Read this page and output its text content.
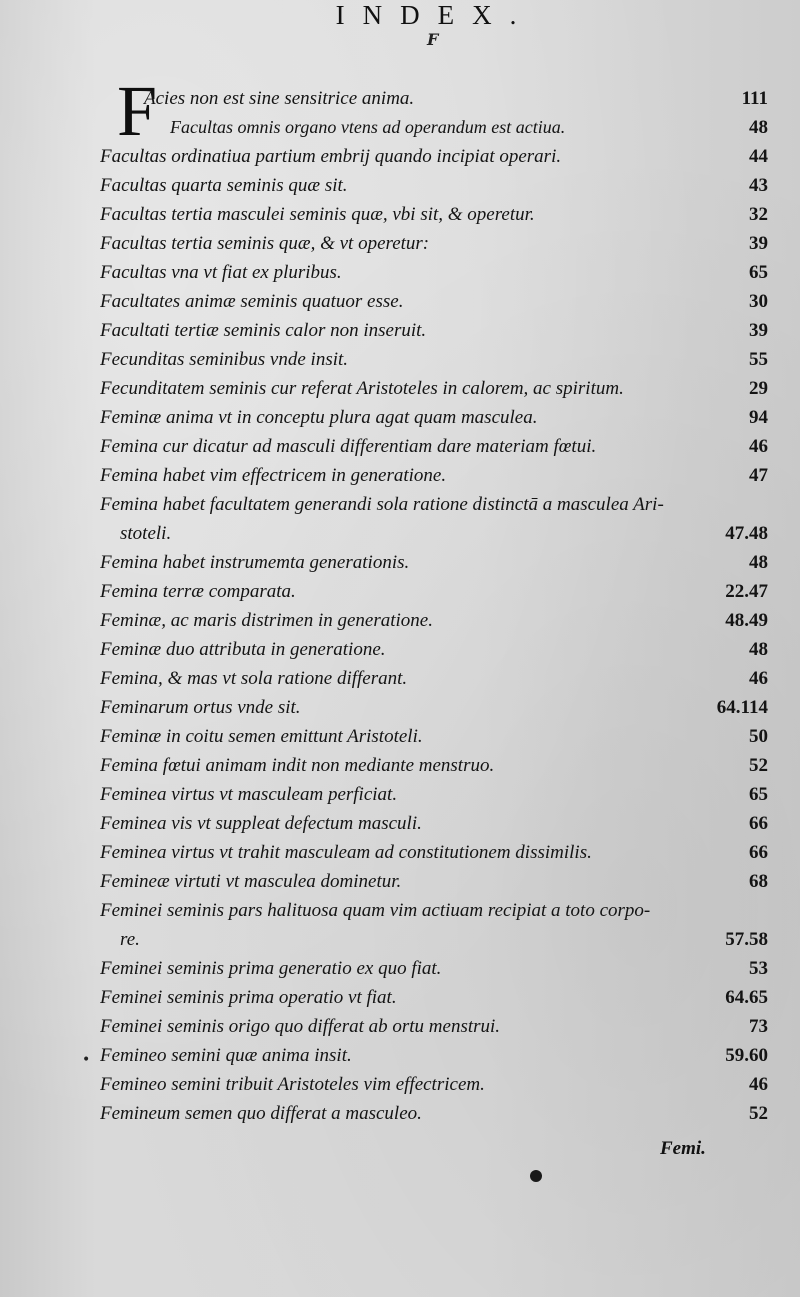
INDEX.
F
F
Acies non est sine sensitrice anima.	111
Facultas omnis organo vtens ad operandum est actiua.	48
Facultas ordinatiua partium embrij quando incipiat operari.	44
Facultas quarta seminis quæ sit.	43
Facultas tertia masculei seminis quæ, vbi sit, & operetur.	32
Facultas tertia seminis quæ, & vt operetur:	39
Facultas vna vt fiat ex pluribus.	65
Facultates animæ seminis quatuor esse.	30
Facultati tertiæ seminis calor non inseruit.	39
Fecunditas seminibus vnde insit.	55
Fecunditatem seminis cur referat Aristoteles in calorem, ac spiritum.	29
Feminæ anima vt in conceptu plura agat quam masculea.	94
Femina cur dicatur ad masculi differentiam dare materiam fœtui.	46
Femina habet vim effectricem in generatione.	47
Femina habet facultatem generandi sola ratione distinctā a masculea Ari-
stoteli.	47.48
Femina habet instrumemta generationis.	48
Femina terræ comparata.	22.47
Feminæ, ac maris distrimen in generatione.	48.49
Feminæ duo attributa in generatione.	48
Femina, & mas vt sola ratione differant.	46
Feminarum ortus vnde sit.	64.114
Feminæ in coitu semen emittunt Aristoteli.	50
Femina fœtui animam indit non mediante menstruo.	52
Feminea virtus vt masculeam perficiat.	65
Feminea vis vt suppleat defectum masculi.	66
Feminea virtus vt trahit masculeam ad constitutionem dissimilis.	66
Femineæ virtuti vt masculea dominetur.	68
Feminei seminis pars halituosa quam vim actiuam recipiat a toto corpo-
re.	57.58
Feminei seminis prima generatio ex quo fiat.	53
Feminei seminis prima operatio vt fiat.	64.65
Feminei seminis origo quo differat ab ortu menstrui.	73
Femineo semini quæ anima insit.	59.60
Femineo semini tribuit Aristoteles vim effectricem.	46
Femineum semen quo differat a masculeo.	52
•
Femi.
